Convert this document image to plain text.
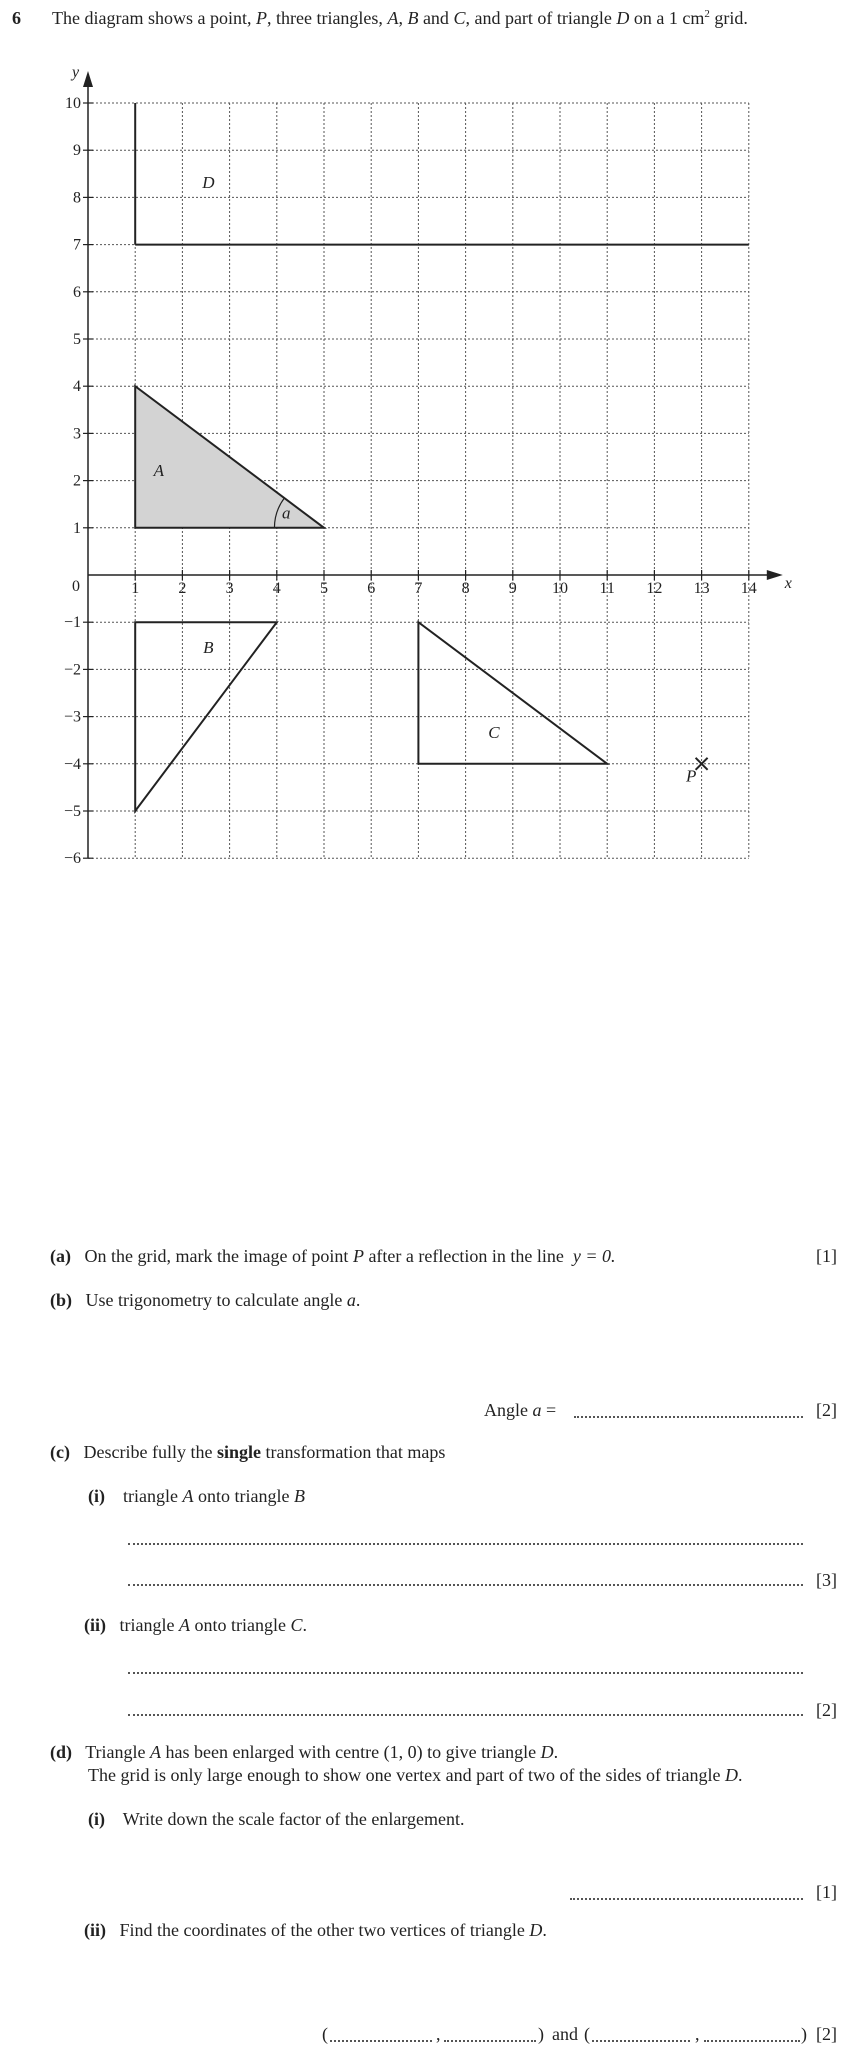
6 The diagram shows a point, P, three triangles, A, B and C, and part of triangle D on a 1 $cm^2$ grid.
x
y
0	1 2 3 4 5 6 7 8 9 10 11 12 13 14
10
9
8
7
6
5
4
3
2
1
−1
−2
−3
−4
−5
−6
A
B
C
D
a
P
(a) On the grid, mark the image of point P after a reflection in the line  y = 0.	[1]
(b) Use trigonometry to calculate angle a.
Angle a =	[2]
(c) Describe fully the single transformation that maps
(i) triangle A onto triangle B
[3]
(ii) triangle A onto triangle C.
[2]
(d) Triangle A has been enlarged with centre (1, 0) to give triangle D.
The grid is only large enough to show one vertex and part of two of the sides of triangle D.
(i) Write down the scale factor of the enlargement.
[1]
(ii) Find the coordinates of the other two vertices of triangle D.
(	,	) and (	,	) [2]
